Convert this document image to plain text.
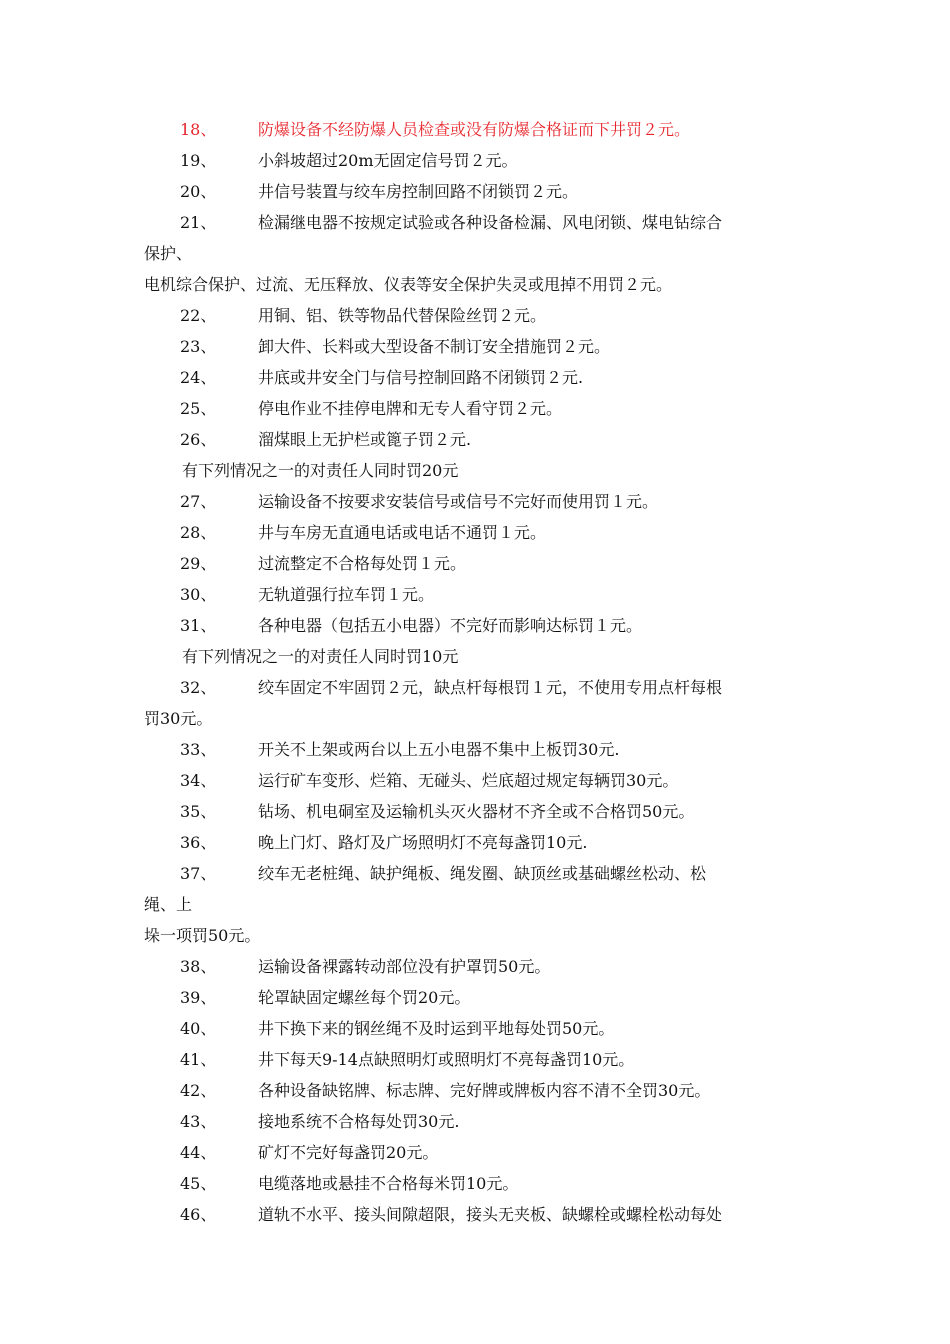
18、	防爆设备不经防爆人员检查或没有防爆合格证而下井罚２元。
19、	小斜坡超过20m无固定信号罚２元。
20、	井信号装置与绞车房控制回路不闭锁罚２元。
21、	检漏继电器不按规定试验或各种设备检漏、风电闭锁、煤电钻综合
保护、
电机综合保护、过流、无压释放、仪表等安全保护失灵或甩掉不用罚２元。
22、	用铜、铝、铁等物品代替保险丝罚２元。
23、	卸大件、长料或大型设备不制订安全措施罚２元。
24、	井底或井安全门与信号控制回路不闭锁罚２元.
25、	停电作业不挂停电牌和无专人看守罚２元。
26、	溜煤眼上无护栏或篦子罚２元.
有下列情况之一的对责任人同时罚20元
27、	运输设备不按要求安装信号或信号不完好而使用罚１元。
28、	井与车房无直通电话或电话不通罚１元。
29、	过流整定不合格每处罚１元。
30、	无轨道强行拉车罚１元。
31、	各种电器（包括五小电器）不完好而影响达标罚１元。
有下列情况之一的对责任人同时罚10元
32、	绞车固定不牢固罚２元，缺点杆每根罚１元，不使用专用点杆每根
罚30元。
33、	开关不上架或两台以上五小电器不集中上板罚30元.
34、	运行矿车变形、烂箱、无碰头、烂底超过规定每辆罚30元。
35、	钻场、机电硐室及运输机头灭火器材不齐全或不合格罚50元。
36、	晚上门灯、路灯及广场照明灯不亮每盏罚10元.
37、	绞车无老桩绳、缺护绳板、绳发圈、缺顶丝或基础螺丝松动、松
绳、上
垛一项罚50元。
38、	运输设备裸露转动部位没有护罩罚50元。
39、	轮罩缺固定螺丝每个罚20元。
40、	井下换下来的钢丝绳不及时运到平地每处罚50元。
41、	井下每天9-14点缺照明灯或照明灯不亮每盏罚10元。
42、	各种设备缺铭牌、标志牌、完好牌或牌板内容不清不全罚30元。
43、	接地系统不合格每处罚30元.
44、	矿灯不完好每盏罚20元。
45、	电缆落地或悬挂不合格每米罚10元。
46、	道轨不水平、接头间隙超限，接头无夹板、缺螺栓或螺栓松动每处
